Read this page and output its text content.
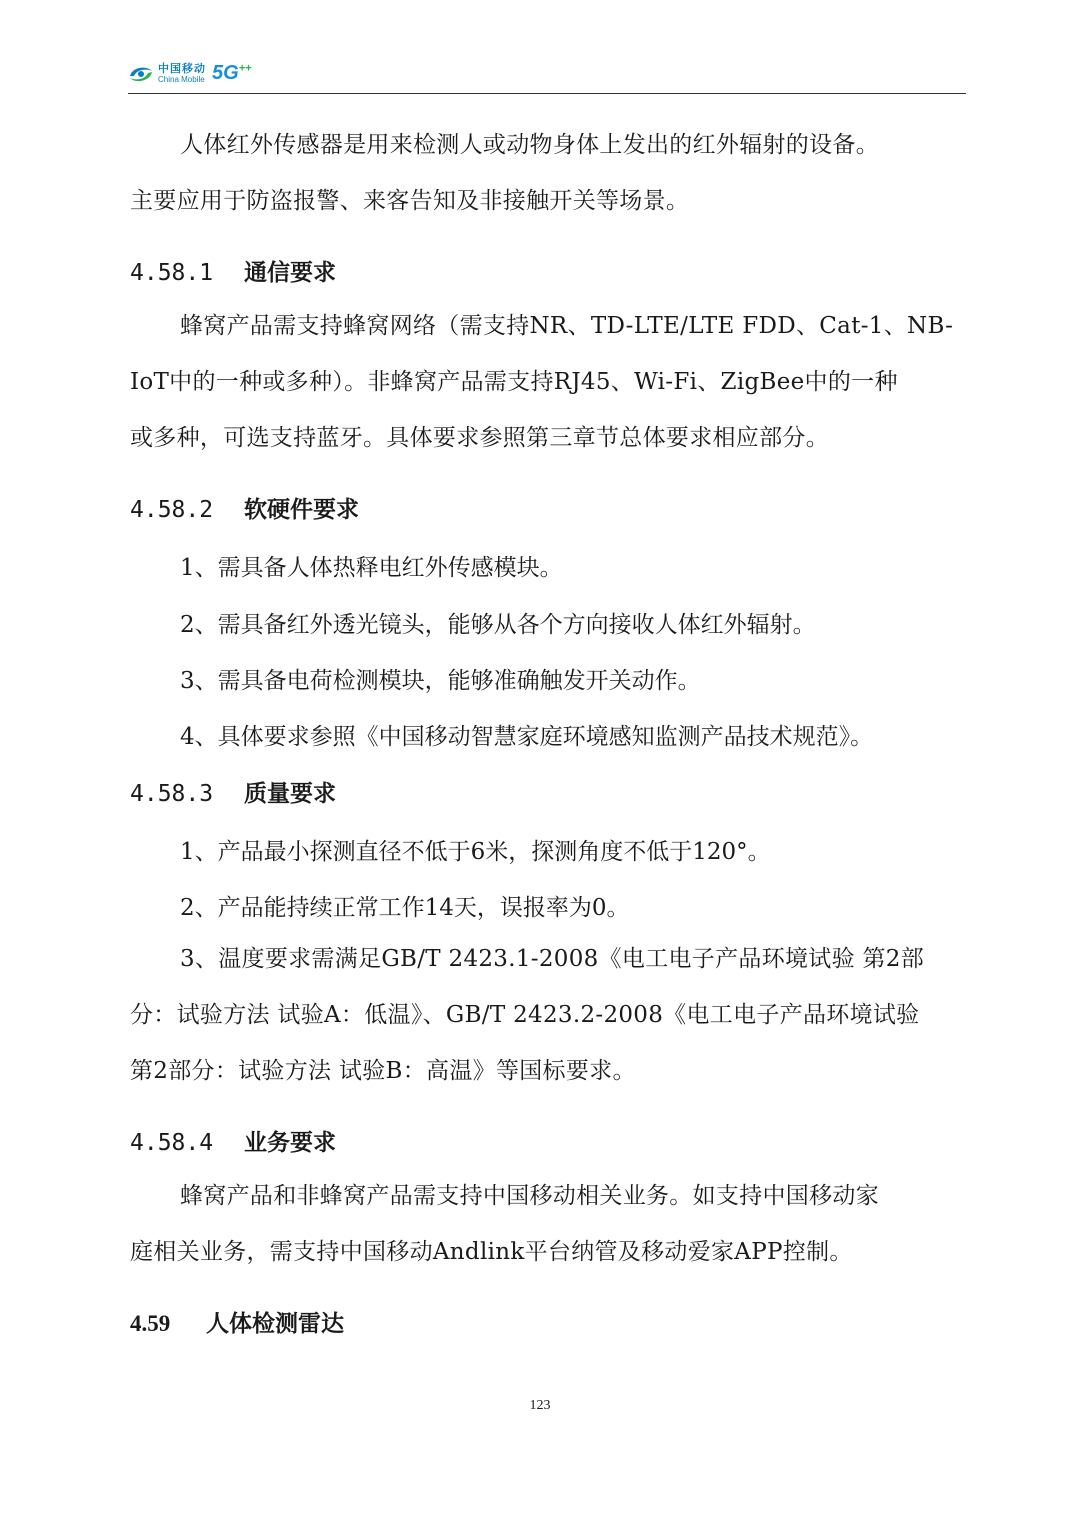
中国移动
China Mobile 5G++
人体红外传感器是用来检测人或动物身体上发出的红外辐射的设备。
主要应用于防盗报警、来客告知及非接触开关等场景。
4.58.1 通信要求
蜂窝产品需支持蜂窝网络（需支持NR、TD-LTE/LTE FDD、Cat-1、NB-
IoT中的一种或多种）。非蜂窝产品需支持RJ45、Wi-Fi、ZigBee中的一种
或多种，可选支持蓝牙。具体要求参照第三章节总体要求相应部分。
4.58.2 软硬件要求
1、需具备人体热释电红外传感模块。
2、需具备红外透光镜头，能够从各个方向接收人体红外辐射。
3、需具备电荷检测模块，能够准确触发开关动作。
4、具体要求参照《中国移动智慧家庭环境感知监测产品技术规范》。
4.58.3 质量要求
1、产品最小探测直径不低于6米，探测角度不低于120°。
2、产品能持续正常工作14天，误报率为0。
3、温度要求需满足GB/T 2423.1-2008《电工电子产品环境试验 第2部
分：试验方法 试验A：低温》、GB/T 2423.2-2008《电工电子产品环境试验
第2部分：试验方法 试验B：高温》等国标要求。
4.58.4 业务要求
蜂窝产品和非蜂窝产品需支持中国移动相关业务。如支持中国移动家
庭相关业务，需支持中国移动Andlink平台纳管及移动爱家APP控制。
4.59 人体检测雷达
123
